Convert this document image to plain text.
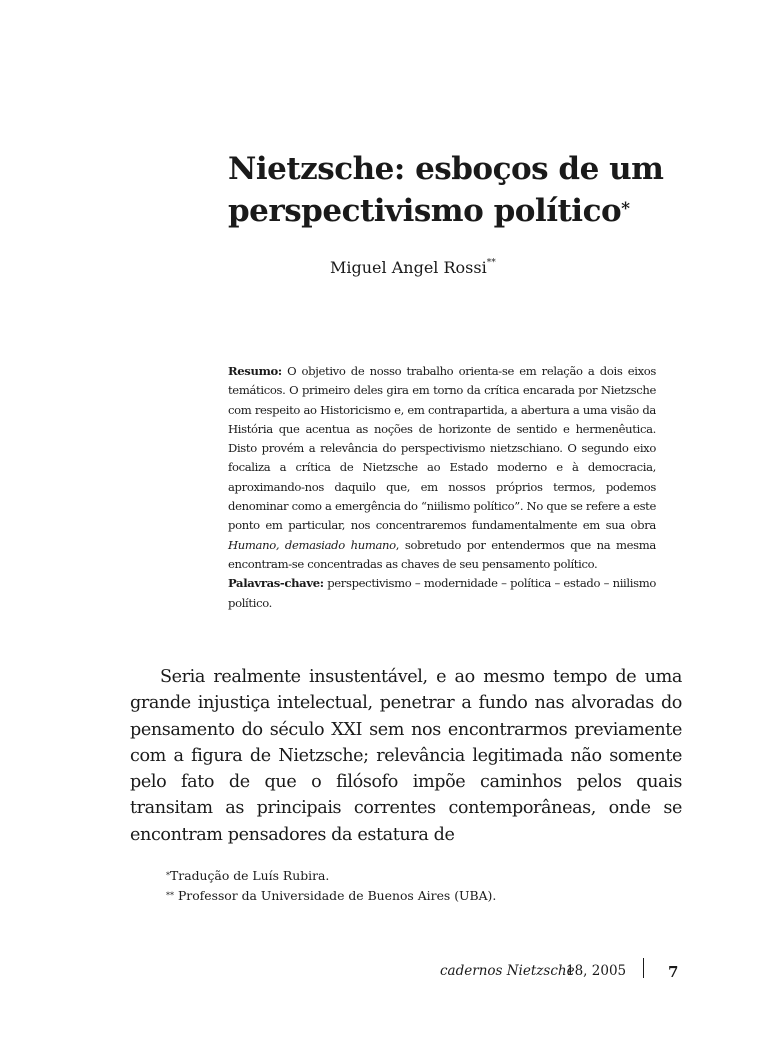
Nietzsche: esboços de um
perspectivismo político*
Miguel Angel Rossi**

Resumo: O objetivo de nosso trabalho orienta-se em relação a dois eixos temáticos. O primeiro deles gira em torno da crítica encarada por Nietzsche com respeito ao Historicismo e, em contrapartida, a abertura a uma visão da História que acentua as noções de horizonte de sentido e hermenêutica. Disto provém a relevância do perspectivismo nietzschiano. O segundo eixo focaliza a crítica de Nietzsche ao Estado moderno e à democracia, aproximando-nos daquilo que, em nossos próprios termos, podemos denominar como a emergência do “niilismo político”. No que se refere a este ponto em particular, nos concentraremos fundamentalmente em sua obra Humano, demasiado humano, sobretudo por entendermos que na mesma encontram-se concentradas as chaves de seu pensamento político.

Palavras-chave: perspectivismo – modernidade – política – estado – niilismo político.

Seria realmente insustentável, e ao mesmo tempo de uma grande injustiça intelectual, penetrar a fundo nas alvoradas do pensamento do século XXI sem nos encontrarmos previamente com a figura de Nietzsche; relevância legitimada não somente pelo fato de que o filósofo impõe caminhos pelos quais transitam as principais correntes contemporâneas, onde se encontram pensadores da estatura de

*Tradução de Luís Rubira.
** Professor da Universidade de Buenos Aires (UBA).
cadernos Nietzsche
18, 2005	7
